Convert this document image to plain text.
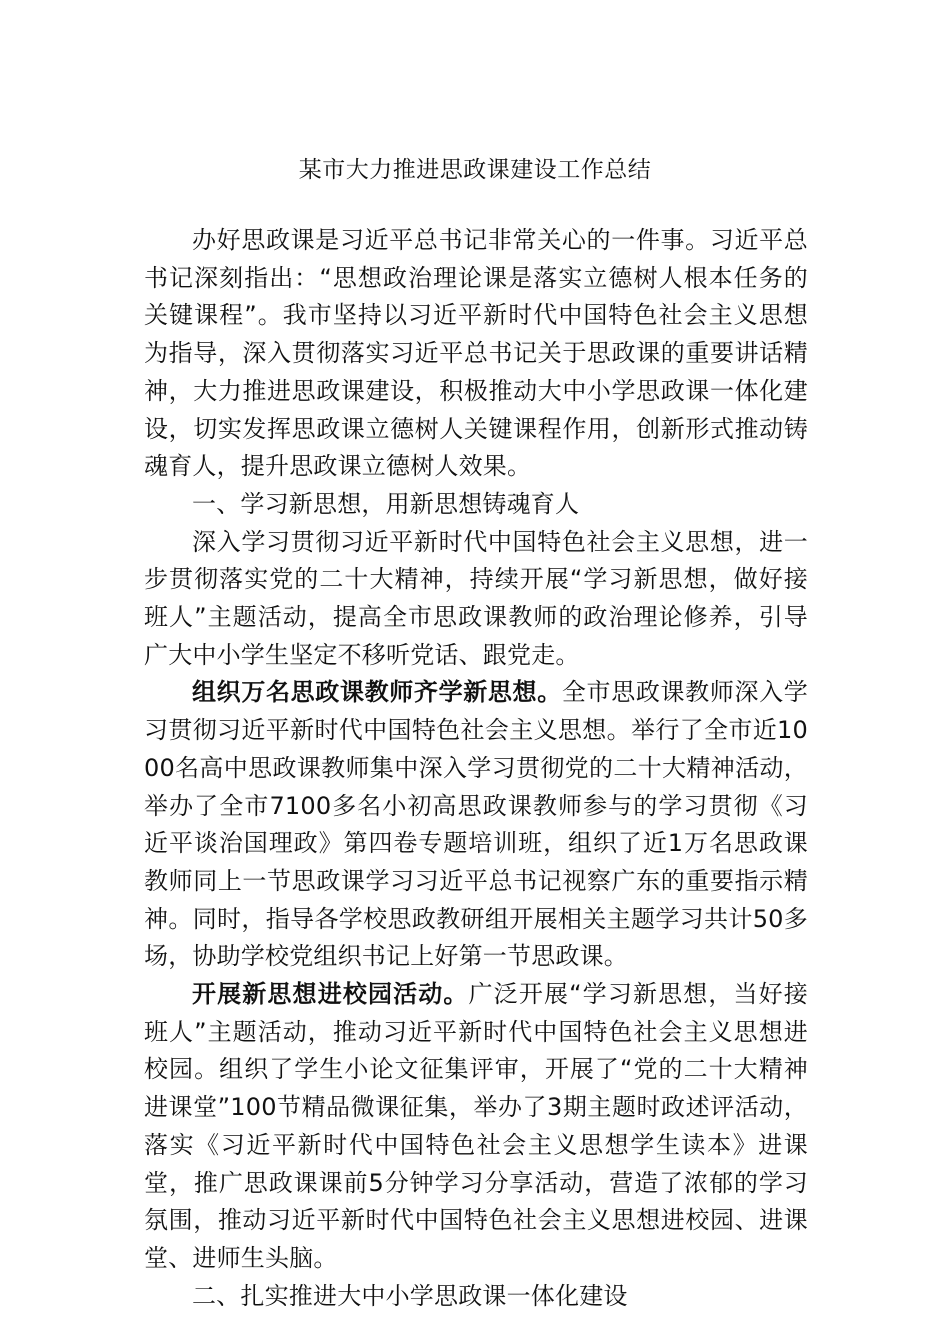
某市大力推进思政课建设工作总结

办好思政课是习近平总书记非常关心的一件事。习近平总书记深刻指出：“思想政治理论课是落实立德树人根本任务的关键课程”。我市坚持以习近平新时代中国特色社会主义思想为指导，深入贯彻落实习近平总书记关于思政课的重要讲话精神，大力推进思政课建设，积极推动大中小学思政课一体化建设，切实发挥思政课立德树人关键课程作用，创新形式推动铸魂育人，提升思政课立德树人效果。

一、学习新思想，用新思想铸魂育人

深入学习贯彻习近平新时代中国特色社会主义思想，进一步贯彻落实党的二十大精神，持续开展“学习新思想，做好接班人”主题活动，提高全市思政课教师的政治理论修养，引导广大中小学生坚定不移听党话、跟党走。

组织万名思政课教师齐学新思想。全市思政课教师深入学习贯彻习近平新时代中国特色社会主义思想。举行了全市近1000名高中思政课教师集中深入学习贯彻党的二十大精神活动，举办了全市7100多名小初高思政课教师参与的学习贯彻《习近平谈治国理政》第四卷专题培训班，组织了近1万名思政课教师同上一节思政课学习习近平总书记视察广东的重要指示精神。同时，指导各学校思政教研组开展相关主题学习共计50多场，协助学校党组织书记上好第一节思政课。

开展新思想进校园活动。广泛开展“学习新思想，当好接班人”主题活动，推动习近平新时代中国特色社会主义思想进校园。组织了学生小论文征集评审，开展了“党的二十大精神进课堂”100节精品微课征集，举办了3期主题时政述评活动，落实《习近平新时代中国特色社会主义思想学生读本》进课堂，推广思政课课前5分钟学习分享活动，营造了浓郁的学习氛围，推动习近平新时代中国特色社会主义思想进校园、进课堂、进师生头脑。

二、扎实推进大中小学思政课一体化建设
